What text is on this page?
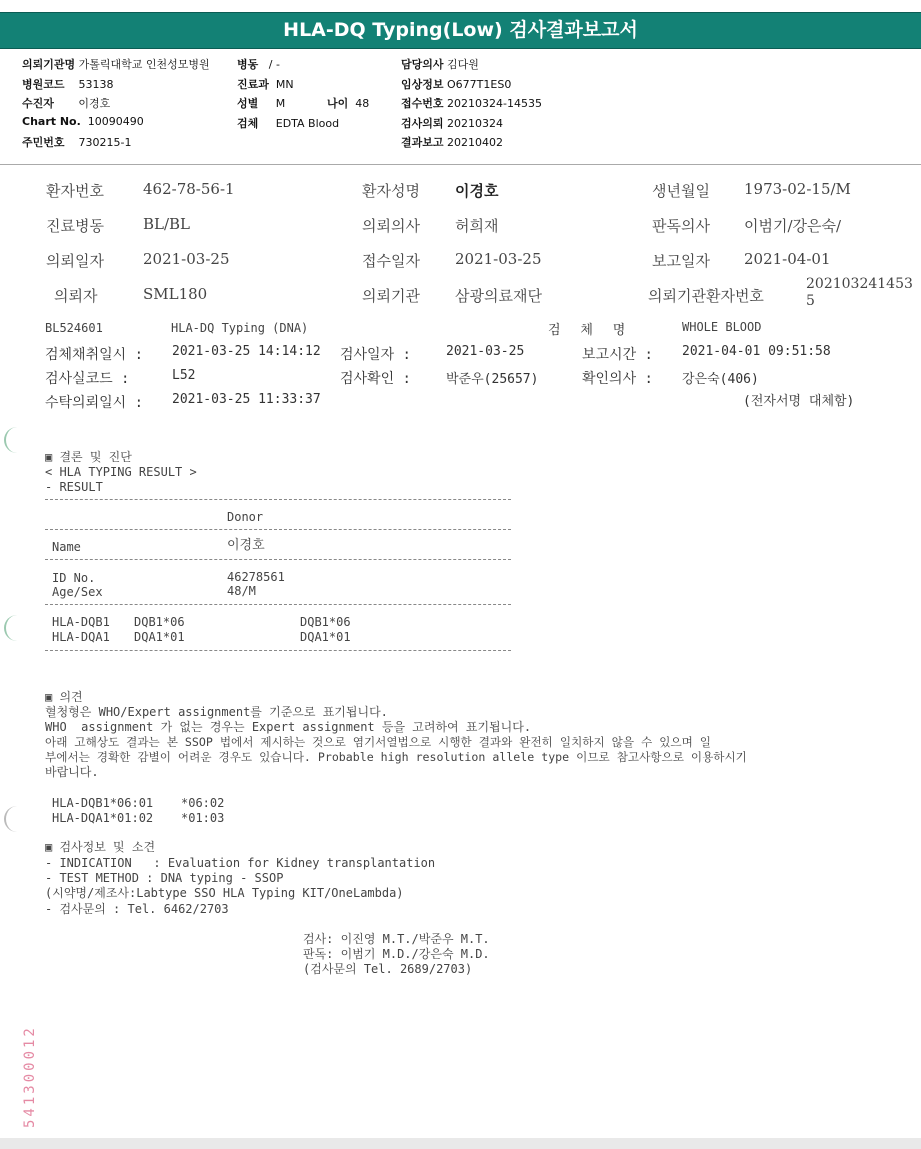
HLA-DQ Typing(Low) 검사결과보고서
의뢰기관명 가톨릭대학교 인천성모병원 병동 / -	담당의사 김다원
병원코드 53138	진료과 MN	임상정보 O677T1ES0
수진자 이경호	성별 M	나이 48	접수번호 20210324-14535
Chart No. 10090490	검체 EDTA Blood	검사의뢰 20210324
주민번호 730215-1	결과보고 20210402
환자번호	462-78-56-1	환자성명 이경호	생년월일 1973-02-15/M
진료병동	BL/BL	의뢰의사 허희재	판독의사 이범기/강은숙/
의뢰일자	2021-03-25	접수일자 2021-03-25	보고일자 2021-04-01
의뢰자	SML180	의뢰기관 삼광의료재단	의뢰기관환자번호
202103241453
5
BL524601	HLA-DQ Typing (DNA)	검 체 명	WHOLE BLOOD
검체채취일시 : 2021-03-25 14:14:12 검사일자 :	2021-03-25	보고시간 : 2021-04-01 09:51:58
검사실코드 :	L52	검사확인 :	박준우(25657)	확인의사 : 강은숙(406)
수탁의뢰일시 : 2021-03-25 11:33:37	(전자서명 대체함)
▣ 결론 및 진단
< HLA TYPING RESULT >
- RESULT
Donor
Name	이경호
ID No.	46278561
Age/Sex	48/M
HLA-DQB1 DQB1*06	DQB1*06
HLA-DQA1 DQA1*01	DQA1*01
▣ 의견
혈청형은 WHO/Expert assignment를 기준으로 표기됩니다.
WHO  assignment 가 없는 경우는 Expert assignment 등을 고려하여 표기됩니다.
아래 고해상도 결과는 본 SSOP 법에서 제시하는 것으로 염기서열법으로 시행한 결과와 완전히 일치하지 않을 수 있으며 일
부에서는 경확한 감별이 어려운 경우도 있습니다. Probable high resolution allele type 이므로 참고사항으로 이용하시기
바랍니다.
HLA-DQB1*06:01 *06:02
HLA-DQA1*01:02 *01:03
▣ 검사정보 및 소견
- INDICATION   : Evaluation for Kidney transplantation
- TEST METHOD : DNA typing - SSOP
(시약명/제조사:Labtype SSO HLA Typing KIT/OneLambda)
- 검사문의 : Tel. 6462/2703
검사: 이진영 M.T./박준우 M.T.
판독: 이범기 M.D./강은숙 M.D.
(검사문의 Tel. 2689/2703)
541300012
